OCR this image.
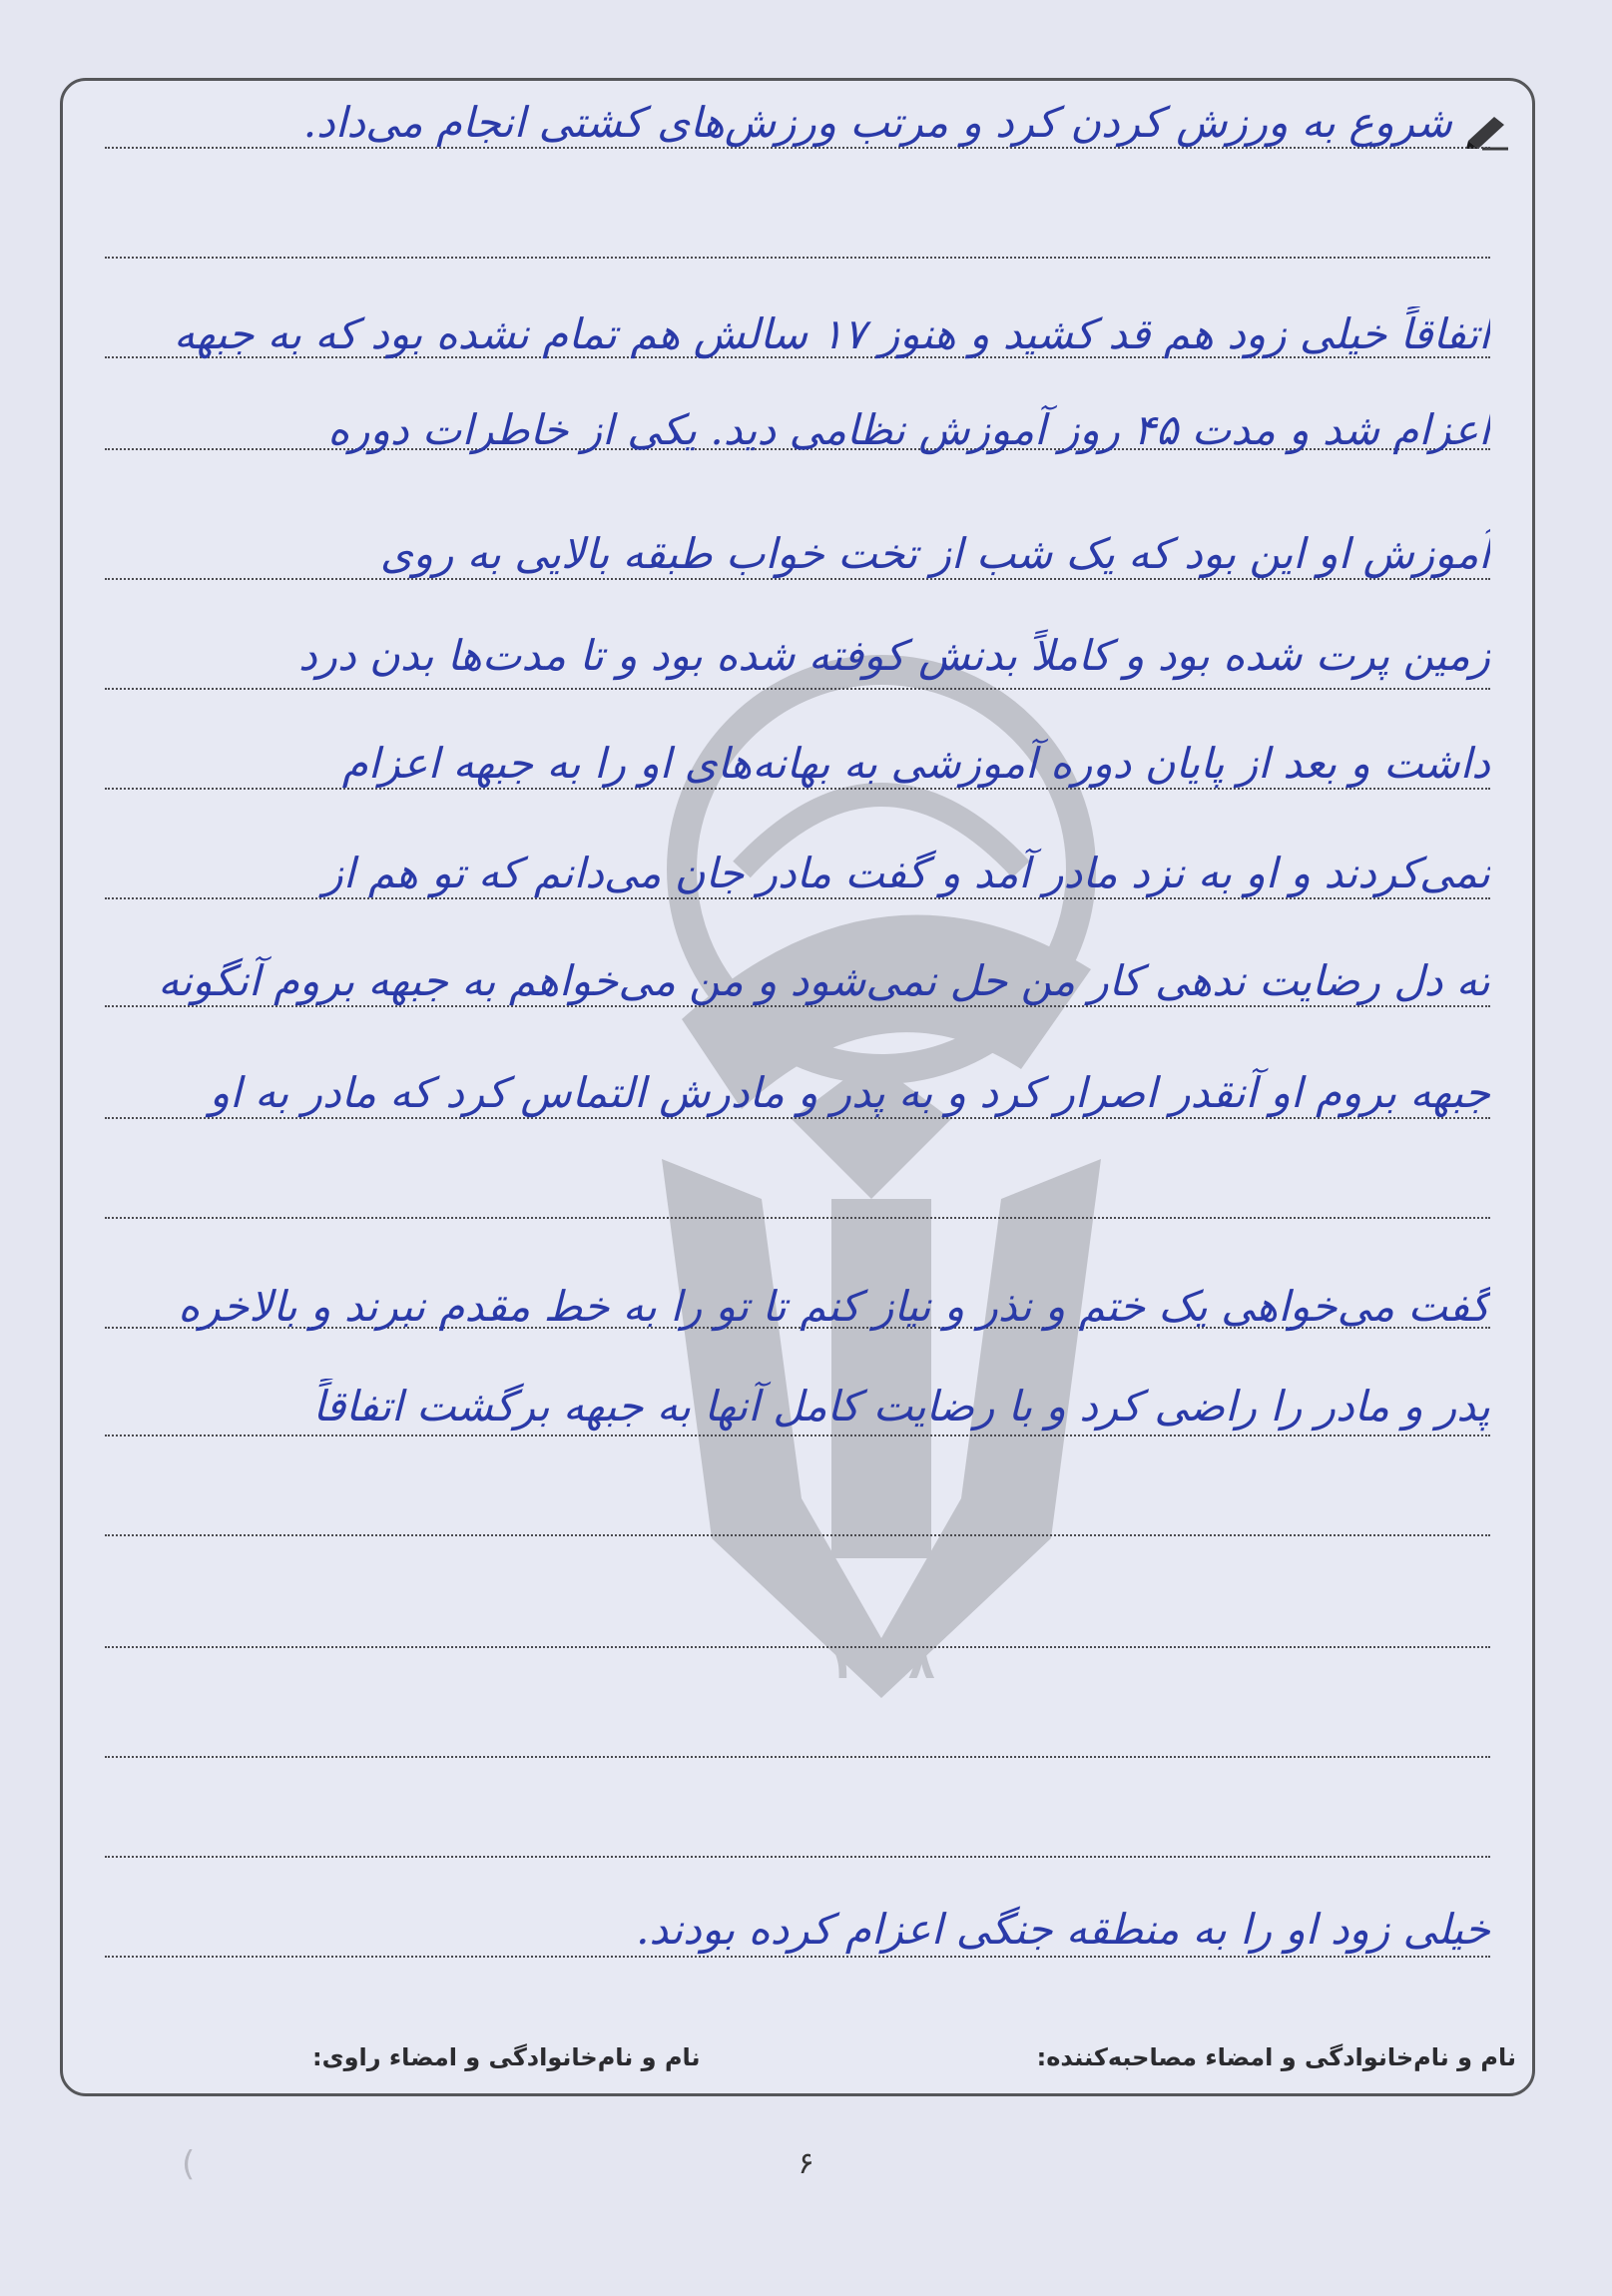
۱۳۵۸
شروع به ورزش کردن کرد و مرتب ورزش‌های کشتی انجام می‌داد.
اتفاقاً خیلی زود هم قد کشید و هنوز ۱۷ سالش هم تمام نشده بود که به جبهه
اعزام شد و مدت ۴۵ روز آموزش نظامی دید. یکی از خاطرات دوره
آموزش او این بود که یک شب از تخت خواب طبقه بالایی به روی
زمین پرت شده بود و کاملاً بدنش کوفته شده بود و تا مدت‌ها بدن درد
داشت و بعد از پایان دوره آموزشی به بهانه‌های او را به جبهه اعزام
نمی‌کردند و او به نزد مادر آمد و گفت مادر جان می‌دانم که تو هم از
ته دل رضایت ندهی کار من حل نمی‌شود و من می‌خواهم به جبهه بروم آنگونه
جبهه بروم او آنقدر اصرار کرد و به پدر و مادرش التماس کرد که مادر به او
گفت می‌خواهی یک ختم و نذر و نیاز کنم تا تو را به خط مقدم نبرند و بالاخره
پدر و مادر را راضی کرد و با رضایت کامل آنها به جبهه برگشت اتفاقاً
خیلی زود او را به منطقه جنگی اعزام کرده بودند.
نام و نام‌خانوادگی و امضاء مصاحبه‌کننده:
نام و نام‌خانوادگی و امضاء راوی:
(	۶
